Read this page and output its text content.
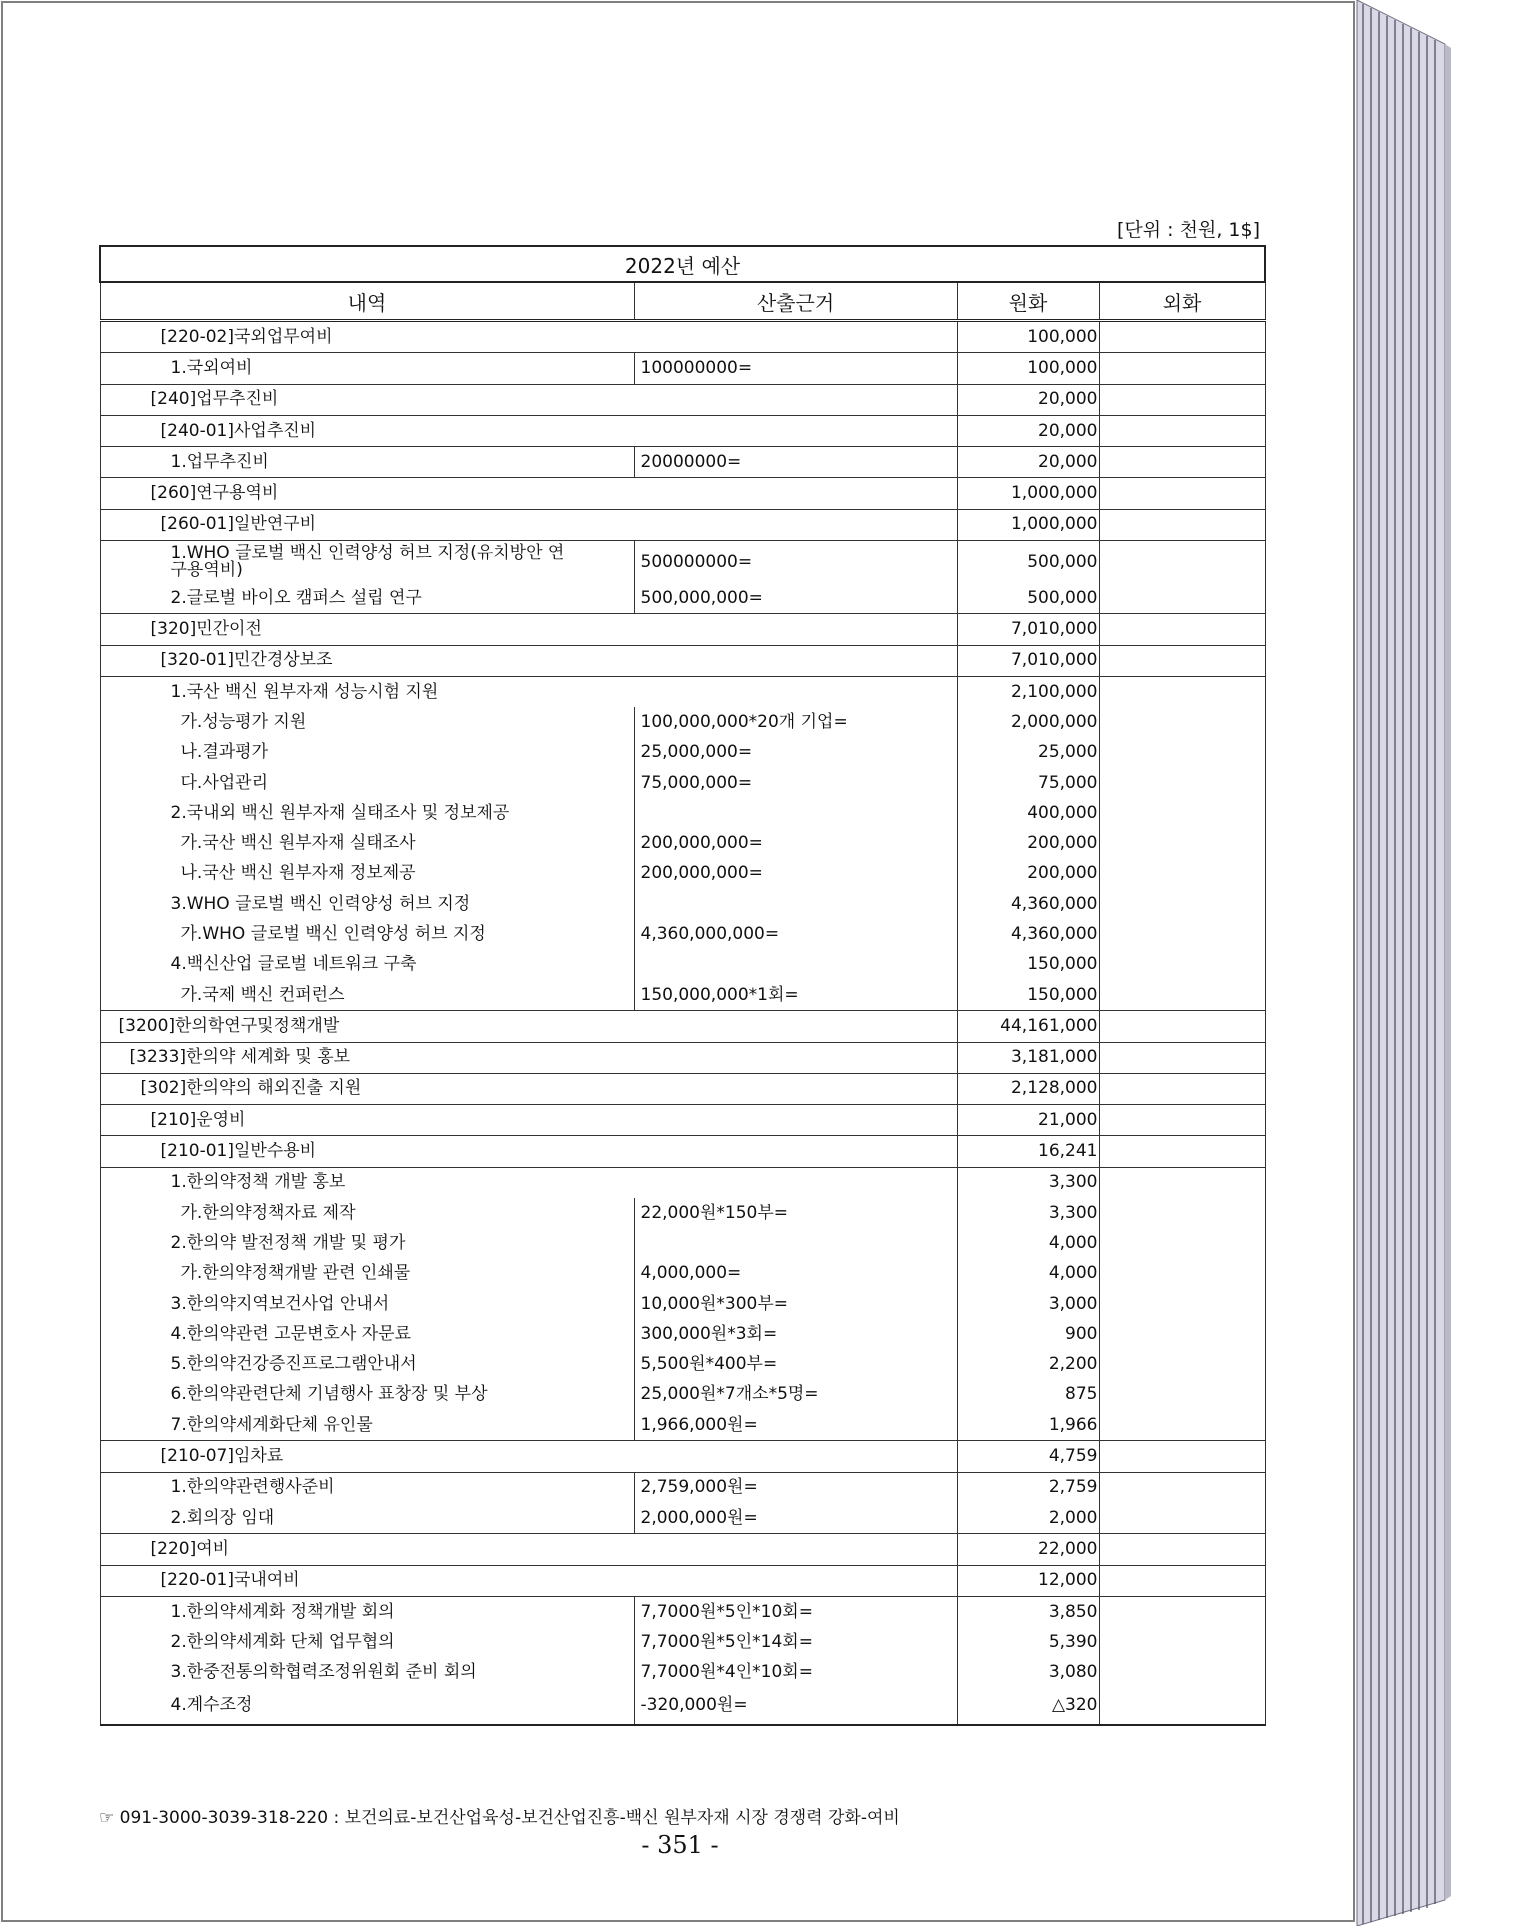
[단위 : 천원, 1$]
2022년 예산			
내역	산출근거	원화	외화
[220-02]국외업무여비		100,000	
1.국외여비	100000000=	100,000	
[240]업무추진비		20,000	
[240-01]사업추진비		20,000	
1.업무추진비	20000000=	20,000	
[260]연구용역비		1,000,000	
[260-01]일반연구비		1,000,000	
1.WHO 글로벌 백신 인력양성 허브 지정(유치방안 연구용역비)	500000000=	500,000	
2.글로벌 바이오 캠퍼스 설립 연구	500,000,000=	500,000	
[320]민간이전		7,010,000	
[320-01]민간경상보조		7,010,000	
1.국산 백신 원부자재 성능시험 지원		2,100,000	
가.성능평가 지원	100,000,000*20개 기업=	2,000,000	
나.결과평가	25,000,000=	25,000	
다.사업관리	75,000,000=	75,000	
2.국내외 백신 원부자재 실태조사 및 정보제공		400,000	
가.국산 백신 원부자재 실태조사	200,000,000=	200,000	
나.국산 백신 원부자재 정보제공	200,000,000=	200,000	
3.WHO 글로벌 백신 인력양성 허브 지정		4,360,000	
가.WHO 글로벌 백신 인력양성 허브 지정	4,360,000,000=	4,360,000	
4.백신산업 글로벌 네트워크 구축		150,000	
가.국제 백신 컨퍼런스	150,000,000*1회=	150,000	
[3200]한의학연구및정책개발		44,161,000	
[3233]한의약 세계화 및 홍보		3,181,000	
[302]한의약의 해외진출 지원		2,128,000	
[210]운영비		21,000	
[210-01]일반수용비		16,241	
1.한의약정책 개발 홍보		3,300	
가.한의약정책자료 제작	22,000원*150부=	3,300	
2.한의약 발전정책 개발 및 평가		4,000	
가.한의약정책개발 관련 인쇄물	4,000,000=	4,000	
3.한의약지역보건사업 안내서	10,000원*300부=	3,000	
4.한의약관련 고문변호사 자문료	300,000원*3회=	900	
5.한의약건강증진프로그램안내서	5,500원*400부=	2,200	
6.한의약관련단체 기념행사 표창장 및 부상	25,000원*7개소*5명=	875	
7.한의약세계화단체 유인물	1,966,000원=	1,966	
[210-07]임차료		4,759	
1.한의약관련행사준비	2,759,000원=	2,759	
2.회의장 임대	2,000,000원=	2,000	
[220]여비		22,000	
[220-01]국내여비		12,000	
1.한의약세계화 정책개발 회의	7,7000원*5인*10회=	3,850	
2.한의약세계화 단체 업무협의	7,7000원*5인*14회=	5,390	
3.한중전통의학협력조정위원회 준비 회의	7,7000원*4인*10회=	3,080	
4.계수조정	-320,000원=	△320	
☞ 091-3000-3039-318-220 : 보건의료-보건산업육성-보건산업진흥-백신 원부자재 시장 경쟁력 강화-여비
- 351 -
